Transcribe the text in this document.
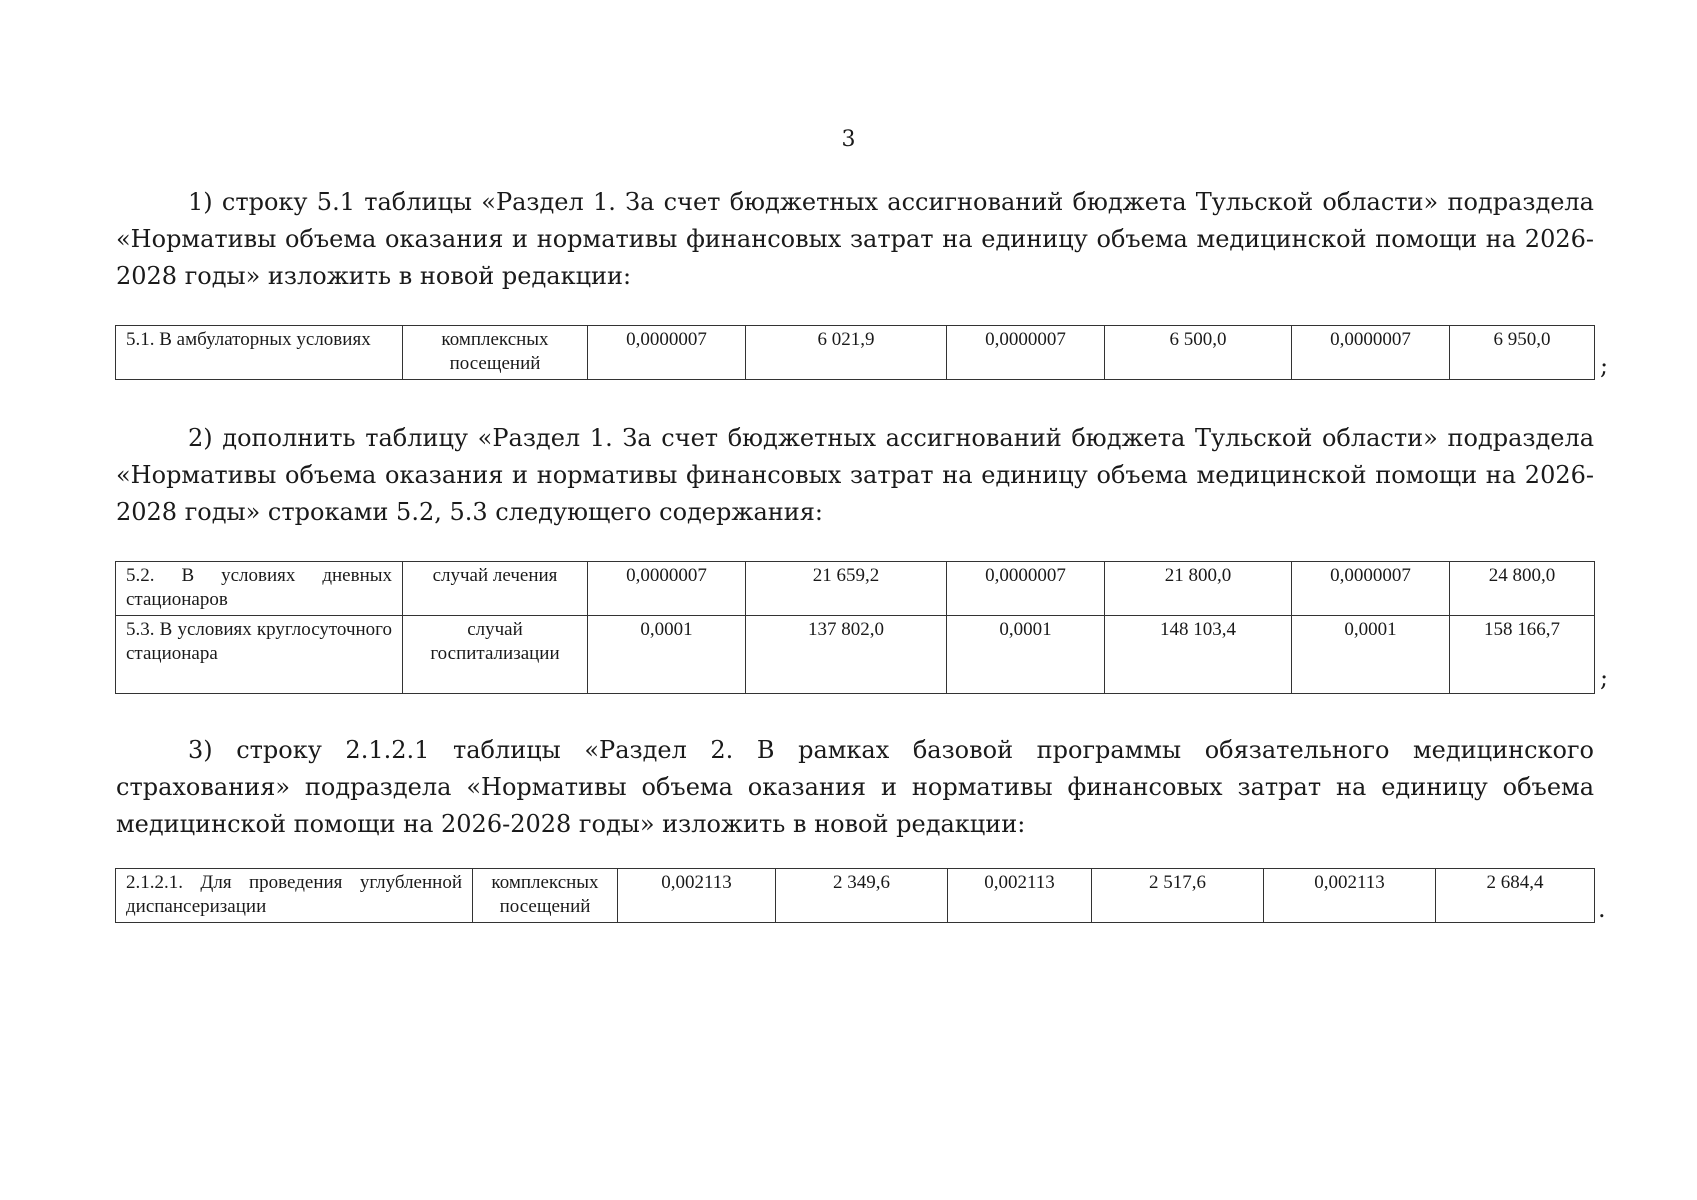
3
1) строку 5.1 таблицы «Раздел 1. За счет бюджетных ассигнований бюджета Тульской области» подраздела «Нормативы объема оказания и нормативы финансовых затрат на единицу объема медицинской помощи на 2026-2028 годы» изложить в новой редакции:
5.1. В амбулаторных условиях	комплексных посещений	0,0000007	6 021,9	0,0000007	6 500,0	0,0000007	6 950,0
;
2) дополнить таблицу «Раздел 1. За счет бюджетных ассигнований бюджета Тульской области» подраздела «Нормативы объема оказания и нормативы финансовых затрат на единицу объема медицинской помощи на 2026-2028 годы» строками 5.2, 5.3 следующего содержания:
5.2. В условиях дневных стационаров	случай лечения	0,0000007	21 659,2	0,0000007	21 800,0	0,0000007	24 800,0
5.3. В условиях круглосуточного стационара	случай госпитализации	0,0001	137 802,0	0,0001	148 103,4	0,0001	158 166,7
;
3) строку 2.1.2.1 таблицы «Раздел 2. В рамках базовой программы обязательного медицинского страхования» подраздела «Нормативы объема оказания и нормативы финансовых затрат на единицу объема медицинской помощи на 2026-2028 годы» изложить в новой редакции:
2.1.2.1. Для проведения углубленной диспансеризации	комплексных посещений	0,002113	2 349,6	0,002113	2 517,6	0,002113	2 684,4
.
